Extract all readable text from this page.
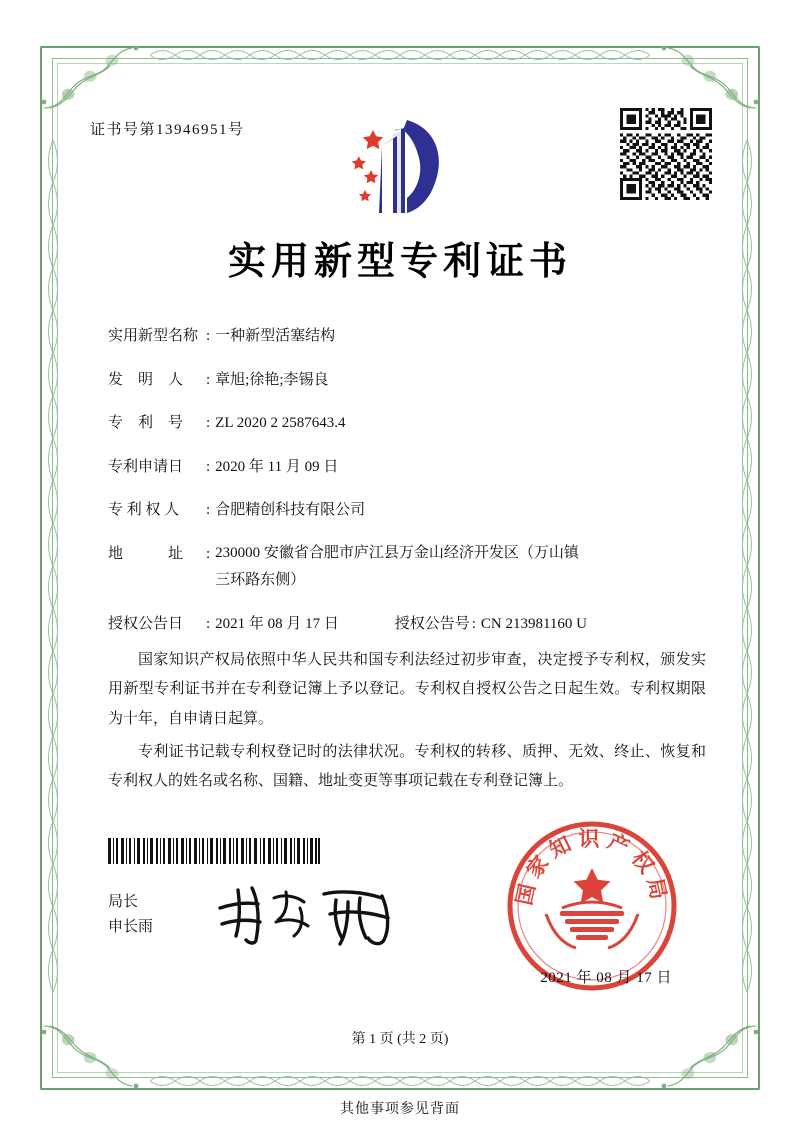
证书号第13946951号
实用新型专利证书
实用新型名称 : 一种新型活塞结构
发　明　人	: 章旭;徐艳;李锡良
专　利　号	: ZL 2020 2 2587643.4
专利申请日	: 2020 年 11 月 09 日
专 利 权 人	: 合肥精创科技有限公司
地　　　址	: 230000 安徽省合肥市庐江县万金山经济开发区（万山镇
三环路东侧）
授权公告日	: 2021 年 08 月 17 日	授权公告号 : CN 213981160 U

国家知识产权局依照中华人民共和国专利法经过初步审查，决定授予专利权，颁发实用新型专利证书并在专利登记簿上予以登记。专利权自授权公告之日起生效。专利权期限为十年，自申请日起算。

专利证书记载专利权登记时的法律状况。专利权的转移、质押、无效、终止、恢复和专利权人的姓名或名称、国籍、地址变更等事项记载在专利登记簿上。

局长
申长雨
国家知识产权局
2021 年 08 月 17 日
第 1 页 (共 2 页)
其他事项参见背面
